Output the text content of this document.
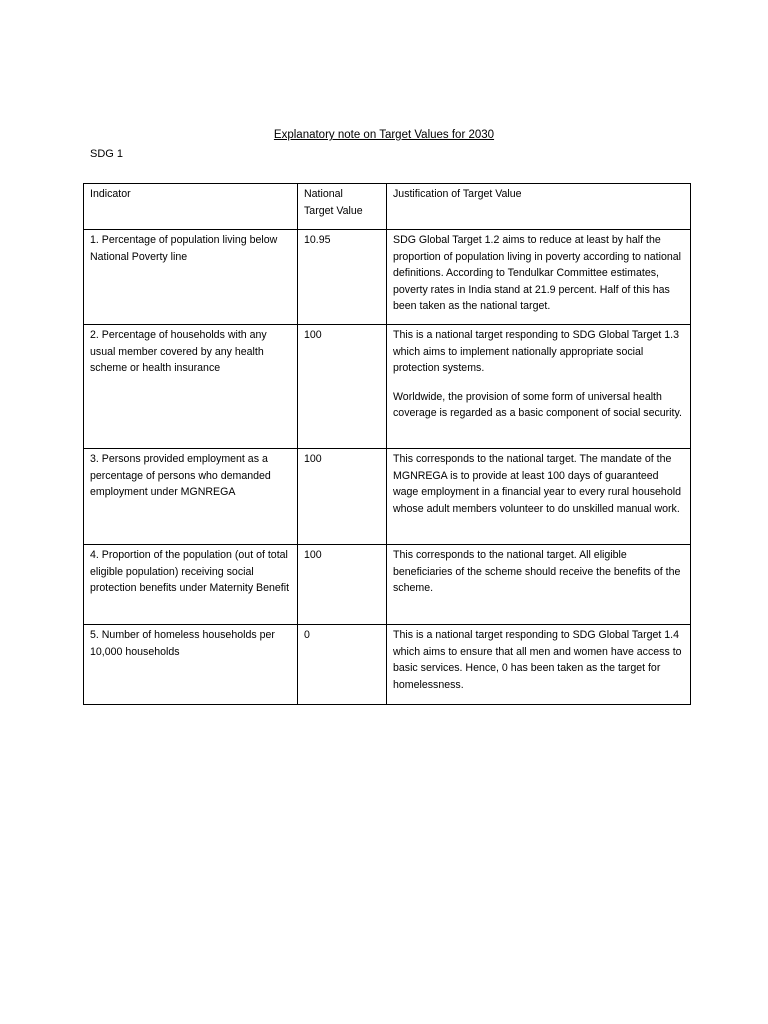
Explanatory note on Target Values for 2030
SDG 1
Indicator	National Target Value	Justification of Target Value
1. Percentage of population living below National Poverty line	10.95	SDG Global Target 1.2 aims to reduce at least by half the proportion of population living in poverty according to national definitions. According to Tendulkar Committee estimates, poverty rates in India stand at 21.9 percent. Half of this has been taken as the national target.

2. Percentage of households with any usual member covered by any health scheme or health insurance	100	This is a national target responding to SDG Global Target 1.3 which aims to implement nationally appropriate social protection systems.
Worldwide, the provision of some form of universal health coverage is regarded as a basic component of social security.

3. Persons provided employment as a percentage of persons who demanded employment under MGNREGA	100	This corresponds to the national target. The mandate of the MGNREGA is to provide at least 100 days of guaranteed wage employment in a financial year to every rural household whose adult members volunteer to do unskilled manual work.

4. Proportion of the population (out of total eligible population) receiving social protection benefits under Maternity Benefit	100	This corresponds to the national target. All eligible beneficiaries of the scheme should receive the benefits of the scheme.

5. Number of homeless households per 10,000 households	0	This is a national target responding to SDG Global Target 1.4 which aims to ensure that all men and women have access to basic services. Hence, 0 has been taken as the target for homelessness.
